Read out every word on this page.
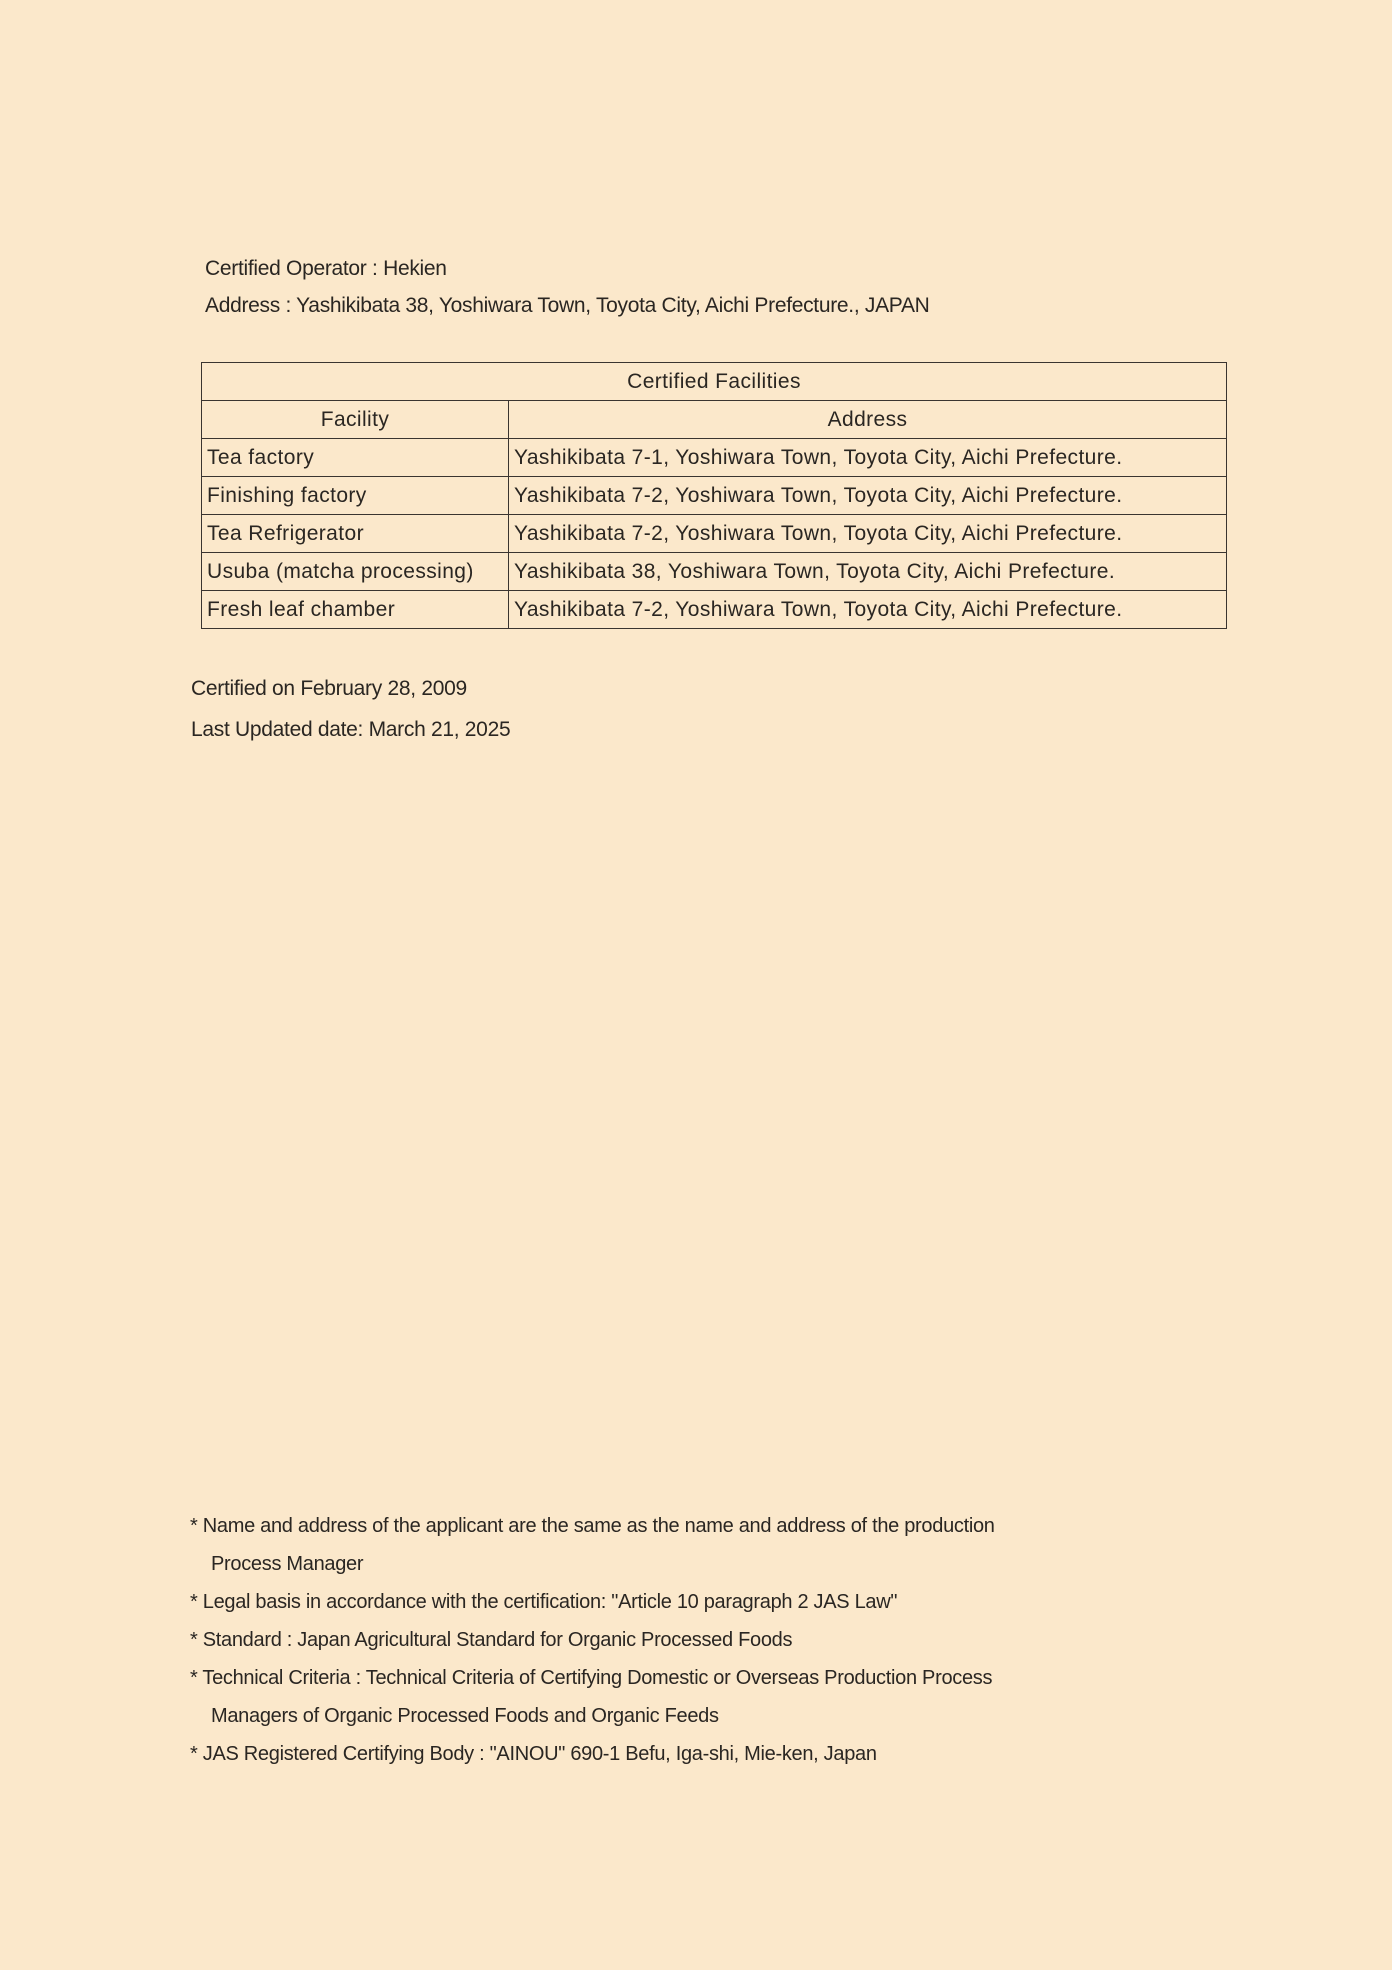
Certified Operator : Hekien
Address : Yashikibata 38, Yoshiwara Town, Toyota City, Aichi Prefecture., JAPAN
Certified Facilities	
Facility	Address
Tea factory	Yashikibata 7-1, Yoshiwara Town, Toyota City, Aichi Prefecture.
Finishing factory	Yashikibata 7-2, Yoshiwara Town, Toyota City, Aichi Prefecture.
Tea Refrigerator	Yashikibata 7-2, Yoshiwara Town, Toyota City, Aichi Prefecture.
Usuba (matcha processing)	Yashikibata 38, Yoshiwara Town, Toyota City, Aichi Prefecture.
Fresh leaf chamber	Yashikibata 7-2, Yoshiwara Town, Toyota City, Aichi Prefecture.
Certified on February 28, 2009
Last Updated date: March 21, 2025
* Name and address of the applicant are the same as the name and address of the production
Process Manager
* Legal basis in accordance with the certification: "Article 10 paragraph 2 JAS Law"
* Standard : Japan Agricultural Standard for Organic Processed Foods
* Technical Criteria : Technical Criteria of Certifying Domestic or Overseas Production Process
Managers of Organic Processed Foods and Organic Feeds
* JAS Registered Certifying Body : "AINOU" 690-1 Befu, Iga-shi, Mie-ken, Japan
